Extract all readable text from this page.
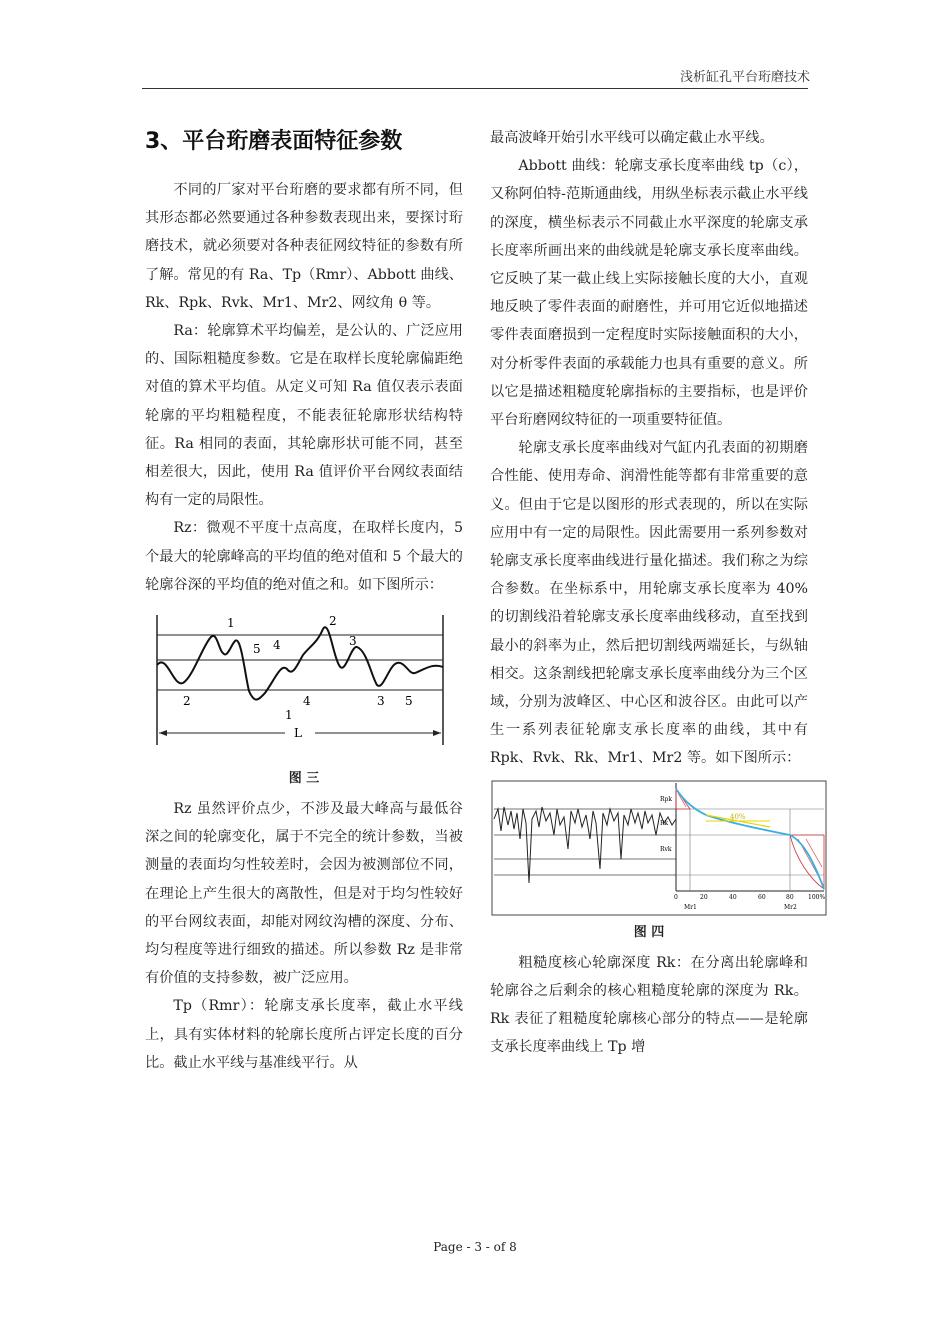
浅析缸孔平台珩磨技术
3、平台珩磨表面特征参数

不同的厂家对平台珩磨的要求都有所不同，但其形态都必然要通过各种参数表现出来，要探讨珩磨技术，就必须要对各种表征网纹特征的参数有所了解。常见的有 Ra、Tp（Rmr）、Abbott 曲线、Rk、Rpk、Rvk、Mr1、Mr2、网纹角 θ 等。

Ra：轮廓算术平均偏差，是公认的、广泛应用的、国际粗糙度参数。它是在取样长度轮廓偏距绝对值的算术平均值。从定义可知 Ra 值仅表示表面轮廓的平均粗糙程度，不能表征轮廓形状结构特征。Ra 相同的表面，其轮廓形状可能不同，甚至相差很大，因此，使用 Ra 值评价平台网纹表面结构有一定的局限性。

Rz：微观不平度十点高度，在取样长度内，5 个最大的轮廓峰高的平均值的绝对值和 5 个最大的轮廓谷深的平均值的绝对值之和。如下图所示：

1
2
5 4	3
2
4	3 5
1
L
图 三

Rz 虽然评价点少，不涉及最大峰高与最低谷深之间的轮廓变化，属于不完全的统计参数，当被测量的表面均匀性较差时，会因为被测部位不同，在理论上产生很大的离散性，但是对于均匀性较好的平台网纹表面，却能对网纹沟槽的深度、分布、均匀程度等进行细致的描述。所以参数 Rz 是非常有价值的支持参数，被广泛应用。

Tp（Rmr）：轮廓支承长度率，截止水平线上，具有实体材料的轮廓长度所占评定长度的百分比。截止水平线与基准线平行。从

最高波峰开始引水平线可以确定截止水平线。

Abbott 曲线：轮廓支承长度率曲线 tp（c），又称阿伯特-范斯通曲线，用纵坐标表示截止水平线的深度，横坐标表示不同截止水平深度的轮廓支承长度率所画出来的曲线就是轮廓支承长度率曲线。它反映了某一截止线上实际接触长度的大小，直观地反映了零件表面的耐磨性，并可用它近似地描述零件表面磨损到一定程度时实际接触面积的大小，对分析零件表面的承载能力也具有重要的意义。所以它是描述粗糙度轮廓指标的主要指标，也是评价平台珩磨网纹特征的一项重要特征值。

轮廓支承长度率曲线对气缸内孔表面的初期磨合性能、使用寿命、润滑性能等都有非常重要的意义。但由于它是以图形的形式表现的，所以在实际应用中有一定的局限性。因此需要用一系列参数对轮廓支承长度率曲线进行量化描述。我们称之为综合参数。在坐标系中，用轮廓支承长度率为 40% 的切割线沿着轮廓支承长度率曲线移动，直至找到最小的斜率为止，然后把切割线两端延长，与纵轴相交。这条割线把轮廓支承长度率曲线分为三个区域，分别为波峰区、中心区和波谷区。由此可以产生一系列表征轮廓支承长度率的曲线，其中有 Rpk、Rvk、Rk、Mr1、Mr2 等。如下图所示：

40%
Rpk
Rk
Rvk
0	20	40	60	80 100%
Mr1	Mr2
图 四

粗糙度核心轮廓深度 Rk：在分离出轮廓峰和轮廓谷之后剩余的核心粗糙度轮廓的深度为 Rk。Rk 表征了粗糙度轮廓核心部分的特点——是轮廓支承长度率曲线上 Tp 增

Page - 3 - of 8
